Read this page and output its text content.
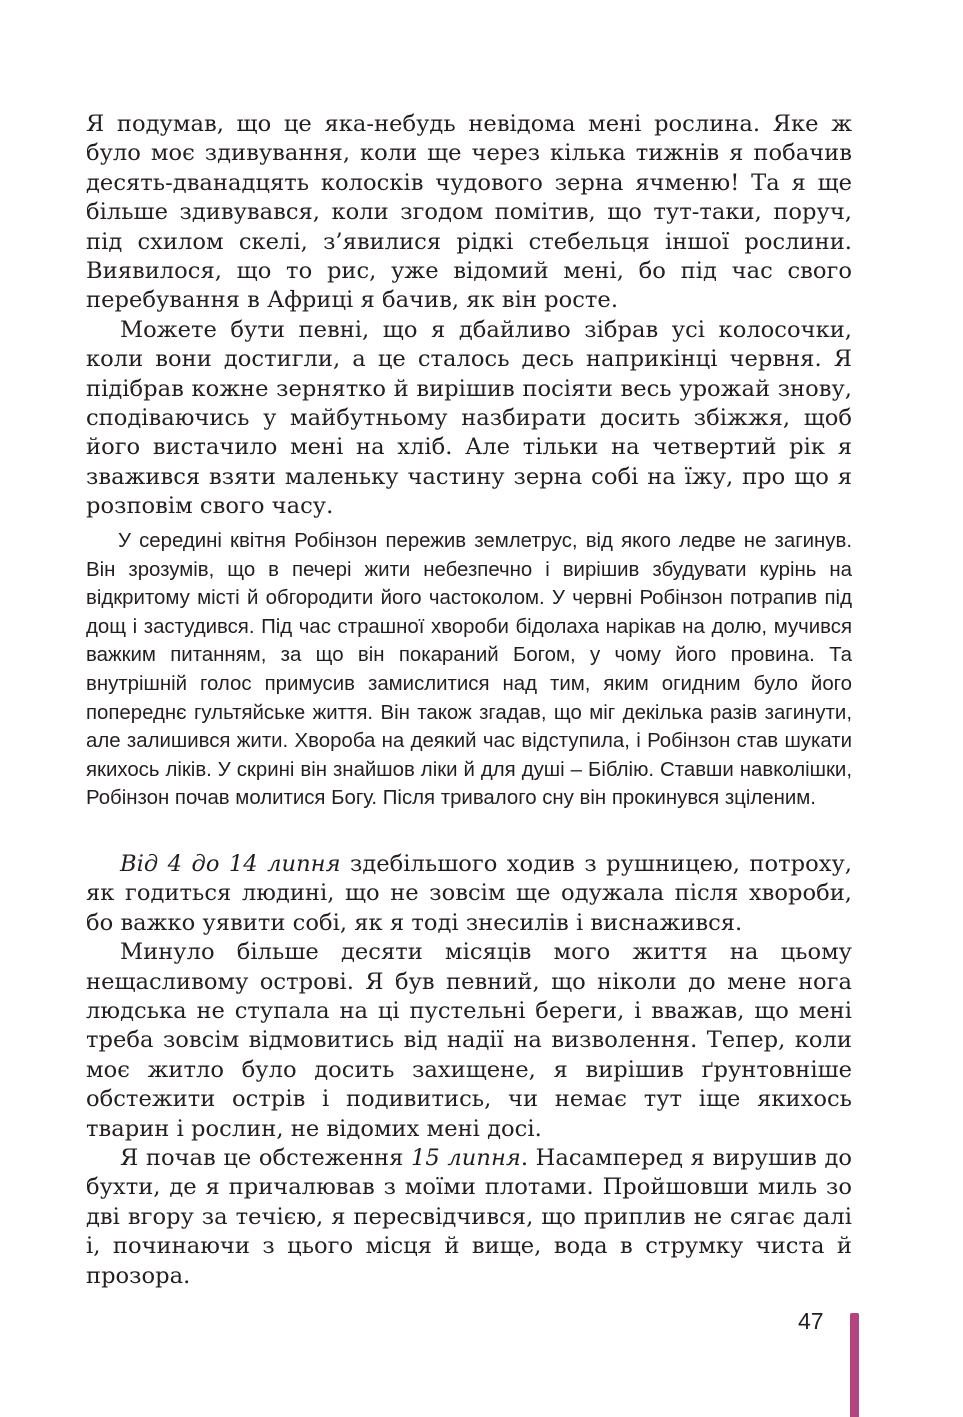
Я подумав, що це яка-небудь невідома мені рослина. Яке ж було моє здивування, коли ще через кілька тижнів я побачив десять-дванадцять колосків чудового зерна ячменю! Та я ще більше здивувався, коли згодом помітив, що тут-таки, поруч, під схилом скелі, з’явилися рідкі стебельця іншої рослини. Виявилося, що то рис, уже відомий мені, бо під час свого перебування в Африці я бачив, як він росте.

Можете бути певні, що я дбайливо зібрав усі колосочки, коли вони достигли, а це сталось десь наприкінці червня. Я підібрав кожне зернятко й вирішив посіяти весь урожай знову, сподіваючись у майбутньому назбирати досить збіжжя, щоб його вистачило мені на хліб. Але тільки на четвертий рік я зважився взяти маленьку частину зерна собі на їжу, про що я розповім свого часу.

У середині квітня Робінзон пережив землетрус, від якого ледве не загинув. Він зрозумів, що в печері жити небезпечно і вирішив збудувати курінь на відкритому місті й обгородити його частоколом. У червні Робінзон потрапив під дощ і застудився. Під час страшної хвороби бідолаха нарікав на долю, мучився важким питанням, за що він покараний Богом, у чому його провина. Та внутрішній голос примусив замислитися над тим, яким огидним було його попереднє гультяйське життя. Він також згадав, що міг декілька разів загинути, але залишився жити. Хвороба на деякий час відступила, і Робінзон став шукати якихось ліків. У скрині він знайшов ліки й для душі – Біблію. Ставши навколішки, Робінзон почав молитися Богу. Після тривалого сну він прокинувся зціленим.

Від 4 до 14 липня здебільшого ходив з рушницею, потроху, як годиться людині, що не зовсім ще одужала після хвороби, бо важко уявити собі, як я тоді знесилів і виснажився.

Минуло більше десяти місяців мого життя на цьому нещасливому острові. Я був певний, що ніколи до мене нога людська не ступала на ці пустельні береги, і вважав, що мені треба зовсім відмовитись від надії на визволення. Тепер, коли моє житло було досить захищене, я вирішив ґрунтовніше обстежити острів і подивитись, чи немає тут іще якихось тварин і рослин, не відомих мені досі.

Я почав це обстеження 15 липня. Насамперед я вирушив до бухти, де я причалював з моїми плотами. Пройшовши миль зо дві вгору за течією, я пересвідчився, що приплив не сягає далі і, починаючи з цього місця й вище, вода в струмку чиста й прозора.

47
